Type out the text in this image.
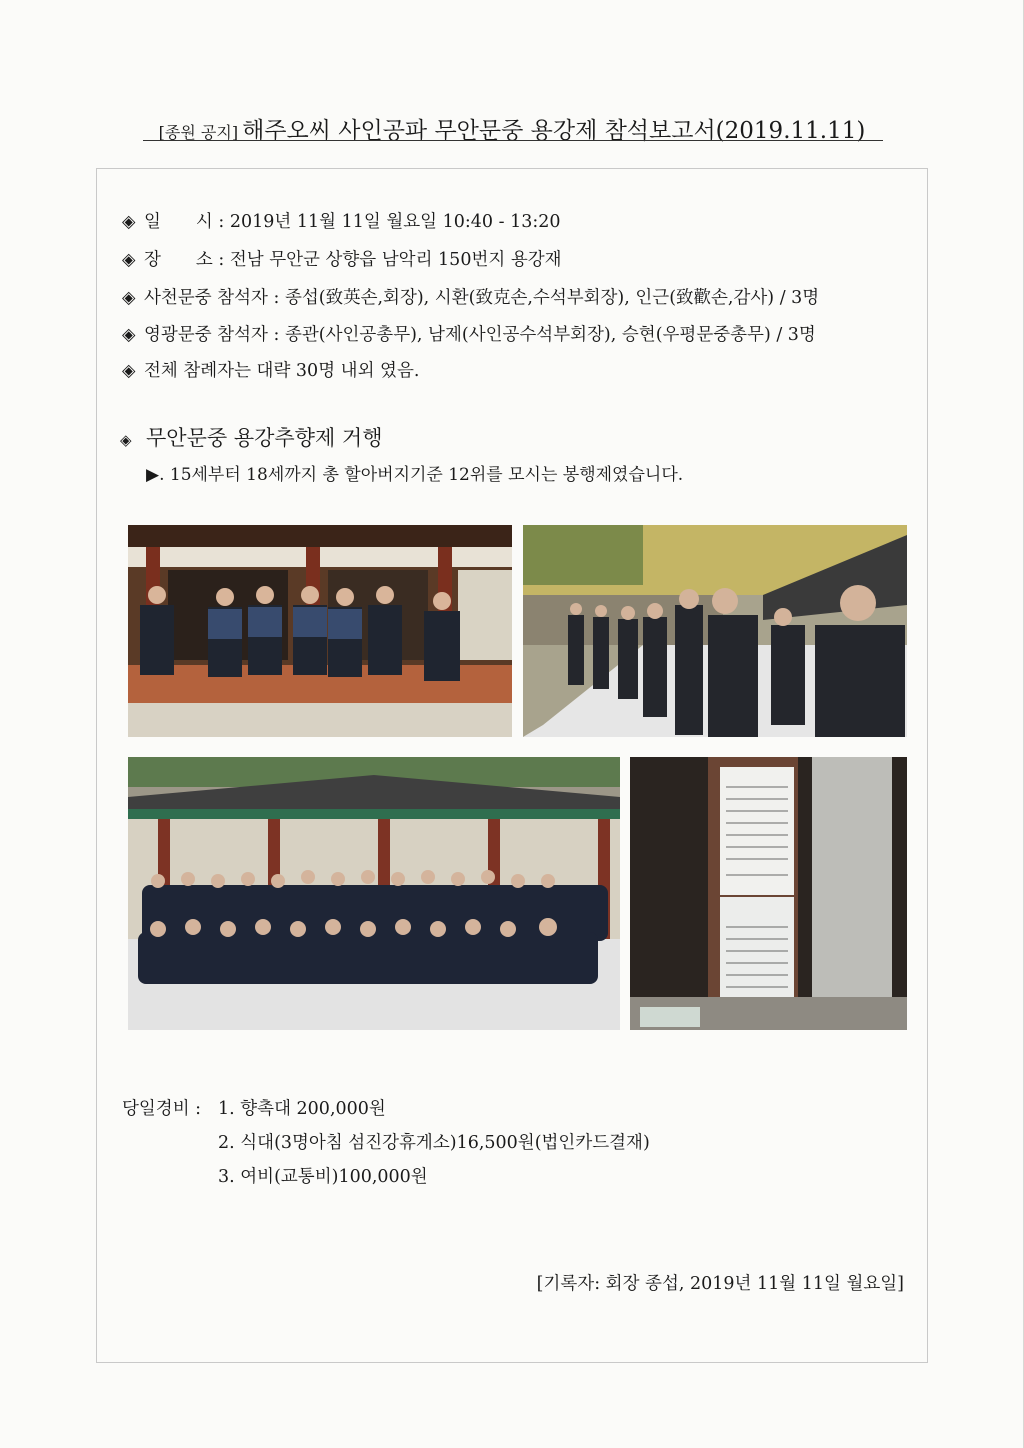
[종원 공지] 해주오씨 사인공파 무안문중 용강제 참석보고서(2019.11.11)
◈ 일　　시 : 2019년 11월 11일 월요일 10:40 - 13:20
◈ 장　　소 : 전남 무안군 상향읍 남악리 150번지 용강재
◈ 사천문중 참석자 : 종섭(致英손,회장), 시환(致克손,수석부회장), 인근(致歡손,감사) / 3명
◈ 영광문중 참석자 : 종관(사인공총무), 남제(사인공수석부회장), 승현(우평문중총무) / 3명
◈ 전체 참례자는 대략 30명 내외 였음.
◈ 무안문중 용강추향제 거행
▶. 15세부터 18세까지 총 할아버지기준 12위를 모시는 봉행제였습니다.
당일경비 : 1. 향촉대 200,000원
2. 식대(3명아침 섬진강휴게소)16,500원(법인카드결재)
3. 여비(교통비)100,000원
[기록자: 회장 종섭, 2019년 11월 11일 월요일]
